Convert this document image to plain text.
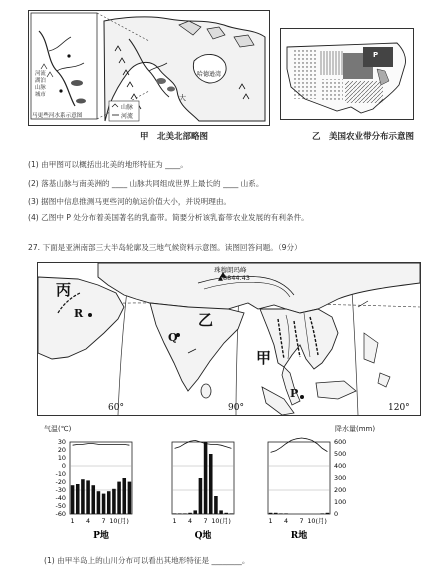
山脉
河流
哈德逊湾
大
马更些河水系示意图
河流
湖泊
山脉
城市
P
甲　北美北部略图	乙　美国农业带分布示意图
(1) 由甲图可以概括出北美的地形特征为 ____。
(2) 落基山脉与南美洲的 ____ 山脉共同组成世界上最长的 ____ 山系。
(3) 据图中信息推测马更些河的航运价值大小，并说明理由。
(4) 乙图中 P 处分布着美国著名的乳畜带。简要分析该乳畜带农业发展的有利条件。
27. 下面是亚洲南部三大半岛轮廓及三地气候资料示意图。读图回答问题。（9分）
丙
乙
甲
R
Q
P
珠穆朗玛峰
▲8844.43
60°	90°	120°
气温(℃)	降水量(mm)
30
20
10
0
-10
-20
-30
-40
-50
-60
600
500
400
300
200
100
0
1 4 7 10(月)
P地
1 4 7 10(月)
Q地
1 4 7 10(月)
R地
(1) 由甲半岛上的山川分布可以看出其地形特征是 ________。
